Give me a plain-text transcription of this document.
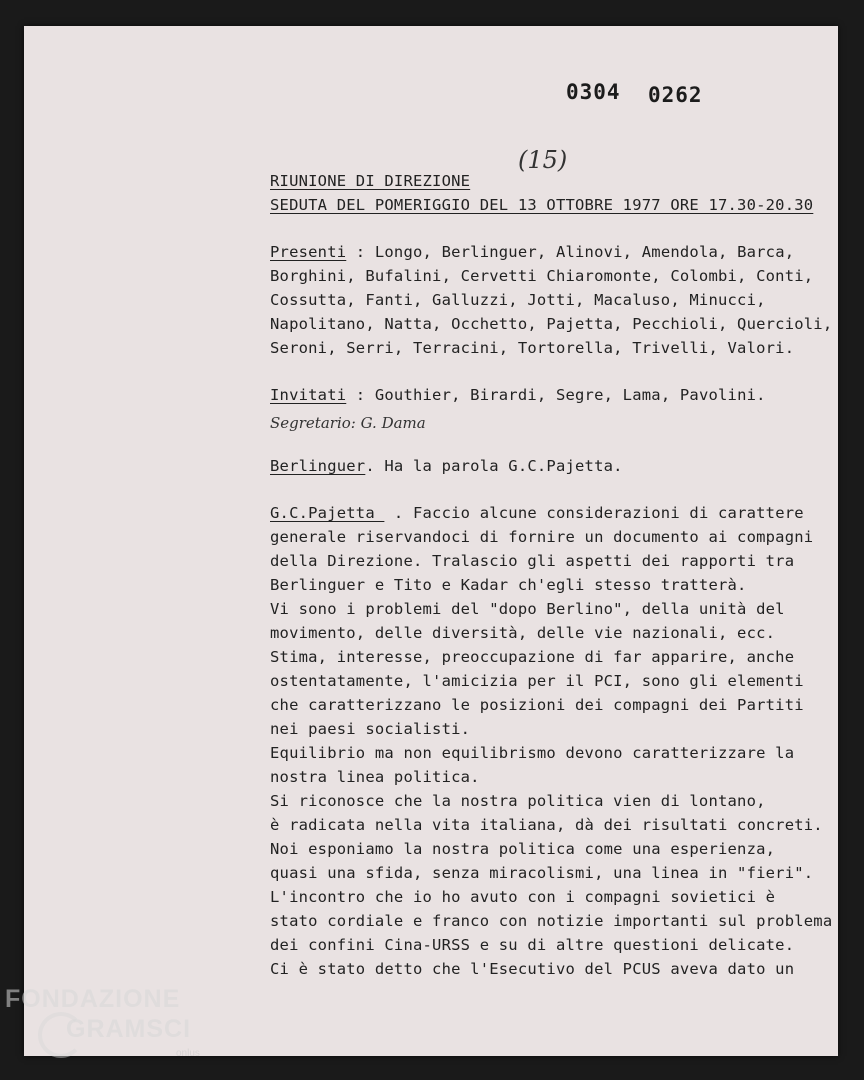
0304 0262
(15)
RIUNIONE DI DIREZIONE
SEDUTA DEL POMERIGGIO DEL 13 OTTOBRE 1977 ORE 17.30-20.30
Presenti : Longo, Berlinguer, Alinovi, Amendola, Barca,
Borghini, Bufalini, Cervetti Chiaromonte, Colombi, Conti,
Cossutta, Fanti, Galluzzi, Jotti, Macaluso, Minucci,
Napolitano, Natta, Occhetto, Pajetta, Pecchioli, Quercioli,
Seroni, Serri, Terracini, Tortorella, Trivelli, Valori.
Invitati : Gouthier, Birardi, Segre, Lama, Pavolini.
Segretario: G. Dama
Berlinguer. Ha la parola G.C.Pajetta.
G.C.Pajetta  . Faccio alcune considerazioni di carattere
generale riservandoci di fornire un documento ai compagni
della Direzione. Tralascio gli aspetti dei rapporti tra
Berlinguer e Tito e Kadar ch'egli stesso tratterà.
Vi sono i problemi del "dopo Berlino", della unità del
movimento, delle diversità, delle vie nazionali, ecc.
Stima, interesse, preoccupazione di far apparire, anche
ostentatamente, l'amicizia per il PCI, sono gli elementi
che caratterizzano le posizioni dei compagni dei Partiti
nei paesi socialisti.
Equilibrio ma non equilibrismo devono caratterizzare la
nostra linea politica.
Si riconosce che la nostra politica vien di lontano,
è radicata nella vita italiana, dà dei risultati concreti.
Noi esponiamo la nostra politica come una esperienza,
quasi una sfida, senza miracolismi, una linea in "fieri".
L'incontro che io ho avuto con i compagni sovietici è
stato cordiale e franco con notizie importanti sul problema
dei confini Cina-URSS e su di altre questioni delicate.
Ci è stato detto che l'Esecutivo del PCUS aveva dato un
FONDAZIONE
GRAMSCI
onlus
